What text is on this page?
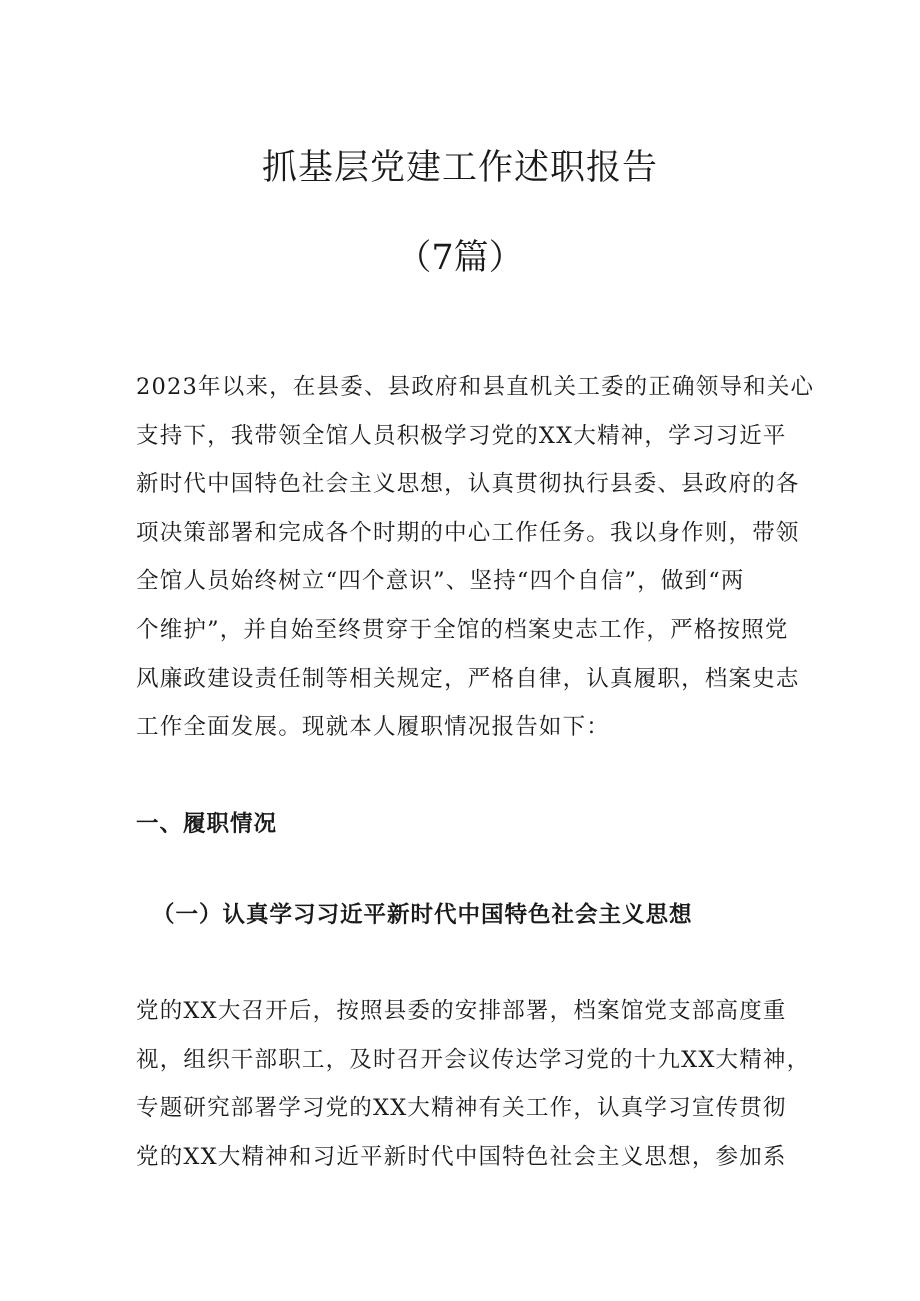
抓基层党建工作述职报告
（7篇）

2023年以来，在县委、县政府和县直机关工委的正确领导和关心
支持下，我带领全馆人员积极学习党的XX大精神，学习习近平
新时代中国特色社会主义思想，认真贯彻执行县委、县政府的各
项决策部署和完成各个时期的中心工作任务。我以身作则，带领
全馆人员始终树立“四个意识”、坚持“四个自信”，做到“两
个维护”，并自始至终贯穿于全馆的档案史志工作，严格按照党
风廉政建设责任制等相关规定，严格自律，认真履职，档案史志
工作全面发展。现就本人履职情况报告如下：

一、履职情况
（一）认真学习习近平新时代中国特色社会主义思想

党的XX大召开后，按照县委的安排部署，档案馆党支部高度重
视，组织干部职工，及时召开会议传达学习党的十九XX大精神，
专题研究部署学习党的XX大精神有关工作，认真学习宣传贯彻
党的XX大精神和习近平新时代中国特色社会主义思想，参加系
